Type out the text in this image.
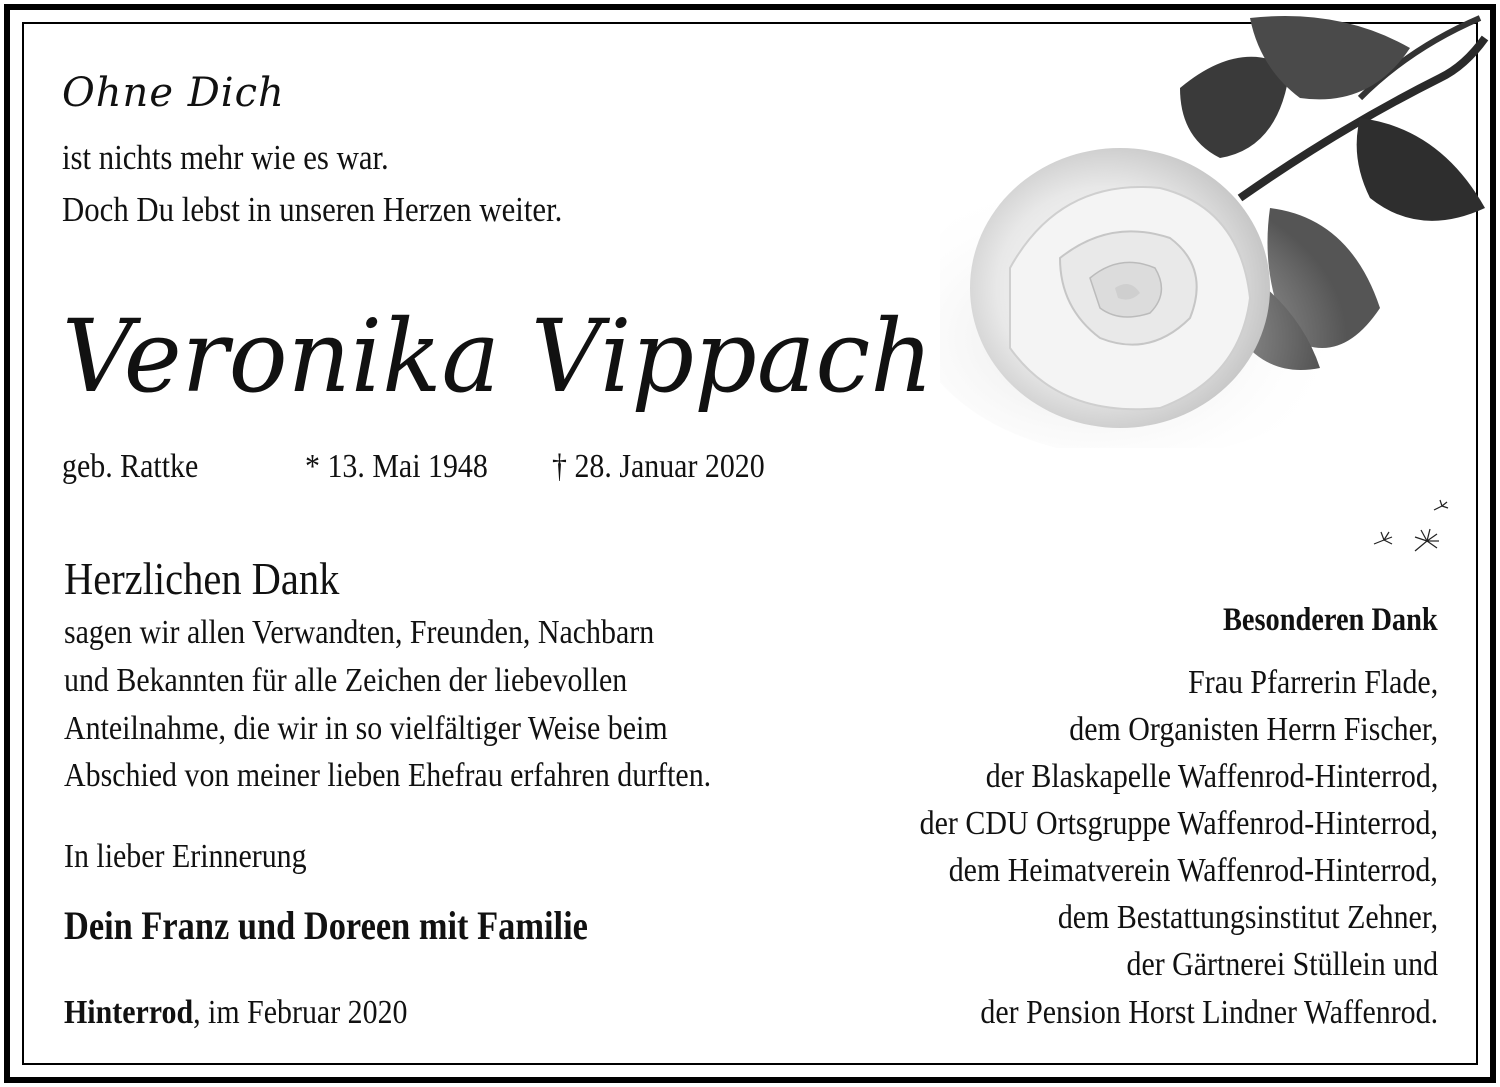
Ohne Dich

ist nichts mehr wie es war.

Doch Du lebst in unseren Herzen weiter.

Veronika Vippach

geb. Rattke	* 13. Mai 1948 † 28. Januar 2020

Herzlichen Dank

sagen wir allen Verwandten, Freunden, Nachbarn

und Bekannten für alle Zeichen der liebevollen

Anteilnahme, die wir in so vielfältiger Weise beim

Abschied von meiner lieben Ehefrau erfahren durften.

In lieber Erinnerung

Dein Franz und Doreen mit Familie

Hinterrod, im Februar 2020

Besonderen Dank

Frau Pfarrerin Flade,

dem Organisten Herrn Fischer,

der Blaskapelle Waffenrod-Hinterrod,

der CDU Ortsgruppe Waffenrod-Hinterrod,

dem Heimatverein Waffenrod-Hinterrod,

dem Bestattungsinstitut Zehner,

der Gärtnerei Stüllein und

der Pension Horst Lindner Waffenrod.
